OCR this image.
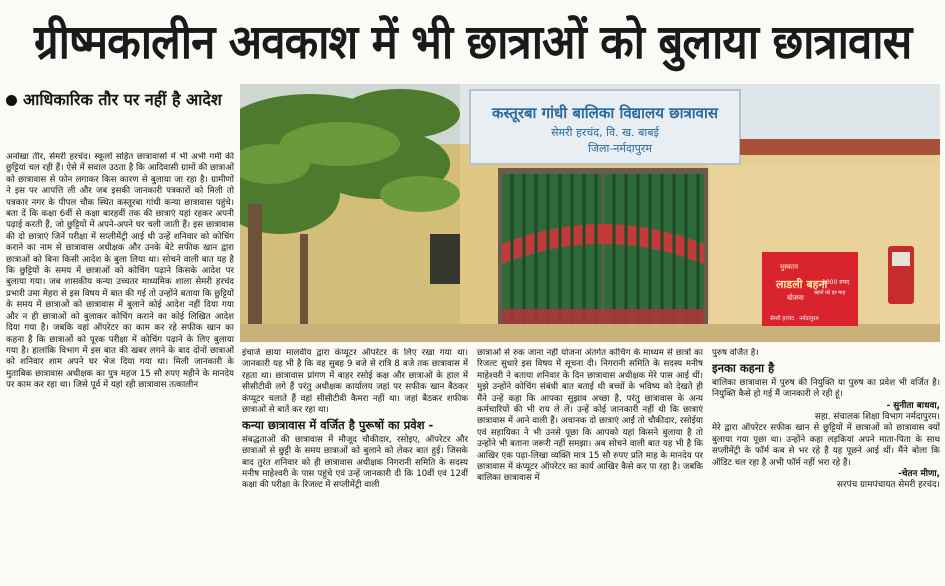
ग्रीष्मकालीन अवकाश में भी छात्राओं को बुलाया छात्रावास
आधिकारिक तौर पर नहीं है आदेश
कस्तूरबा गांधी बालिका विद्यालय छात्रावास
सेमरी हरचंद, वि. ख. बाबई
जिला-नर्मदापुरम
मुस्कान
लाडली बहना
योजना
1000 रुपए
बहनों को हर माह
सेमरी हरचंद · नर्मदापुरम
अनोखा तीर, सेमरी हरचंद। स्कूलों सहित छात्रावासों में भी अभी गर्मी की छुट्टियां चल रही हैं। ऐसे में सवाल उठता है कि आदिवासी ग्रामों की छात्राओं को छात्रावास से फोन लगाकर किस कारण से बुलाया जा रहा है। ग्रामीणों ने इस पर आपत्ति ली और जब इसकी जानकारी पत्रकारों को मिली तो पत्रकार नगर के पीपल चौक स्थित कस्तूरबा गांधी कन्या छात्रावास पहुंचे। बता दें कि कक्षा 6वीं से कक्षा बारहवीं तक की छात्राएं यहां रहकर अपनी पढ़ाई करती हैं, जो छुट्टियों में अपने-अपने घर चली जाती हैं। इस छात्रावास की दो छात्राएं जिनें परीक्षा में सप्लीमेंट्री आई थी उन्हें शनिवार को कोचिंग कराने का नाम से छात्रावास अधीक्षक और उनके बेटे सफीक खान द्वारा छात्राओं को बिना किसी आदेश के बुला लिया था। सोचने वाली बात यह है कि छुट्टियों के समय में छात्राओं को कोचिंग पढ़ाने किसके आदेश पर बुलाया गया। जब शासकीय कन्या उच्चतर माध्यमिक शाला सेमरी हरचंद प्रभारी उमा मेहरा से इस विषय में बात की गई तो उन्होंने बताया कि छुट्टियों के समय में छात्राओं को छात्रावास में बुलाने कोई आदेश नहीं दिया गया और न ही छात्राओं को बुलाकर कोचिंग कराने का कोई लिखित आदेश दिया गया है। जबकि वहां ऑपरेटर का काम कर रहे सफीक खान का कहना है कि छात्राओं को पूरक परीक्षा में कोचिंग पढ़ाने के लिए बुलाया गया है। हालांकि विभाग में इस बात की खबर लगने के बाद दोनों छात्राओं को शनिवार शाम अपने घर भेज दिया गया था। मिली जानकारी के मुताबिक छात्रावास अधीक्षक का पुत्र महज 15 सौ रुपए महीने के मानदेय पर काम कर रहा था। जिसे पूर्व में यहां रही छात्रावास तत्कालीन
इंचार्ज छाया मालवीय द्वारा कंप्यूटर ऑपरेटर के लिए रखा गया था। जानकारी यह भी है कि वह सुबह 9 बजे से रात्रि 8 बजे तक छात्रावास में रहता था। छात्रावास प्रांगण में बाहर रसोई कक्ष और छात्राओं के हाल में सीसीटीवी लगे हैं परंतु अधीक्षक कार्यालय जहां पर सफीक खान बैठकर कंप्यूटर चलाते हैं वहां सीसीटीवी कैमरा नहीं था। जहां बैठकर शफीक छात्राओं से बातें कर रहा था।
कन्या छात्रावास में वर्जित है पुरूषों का प्रवेश -
संबद्धताओं की छात्रावास में मौजूद चौकीदार, रसोइए, ऑपरेटर और छात्राओं से छुट्टी के समय छात्राओं को बुलाने को लेकर बात हुई। जिसके बाद तुरंत शनिवार को ही छात्रावास अधीक्षक निगरानी समिति के सदस्य मनीष माहेश्वरी के पास पहुंचे एवं उन्हें जानकारी दी कि 10वीं एवं 12वीं कक्षा की परीक्षा के रिजल्ट में सप्लीमेंट्री वाली
छात्राओं से रुक जाना नहीं योजना अंतर्गत कोचिंग के माध्यम से छात्रों का रिजल्ट सुधारे इस विषय में सूचना दी। निगरानी समिति के सदस्य मनीष माहेश्वरी ने बताया शनिवार के दिन छात्रावास अधीक्षक मेरे पास आई थीं। मुझे उन्होंने कोचिंग संबंधी बात बताई थी बच्चों के भविष्य को देखते ही मैंने उन्हें कहा कि आपका सुझाव अच्छा है, परंतु छात्रावास के अन्य कर्मचारियों की भी राय ले लें। उन्हें कोई जानकारी नहीं थी कि छात्राएं छात्रावास में आने वाली हैं। अचानक दो छात्राएं आईं तो चौकीदार, रसोईया एवं सहायिका ने भी उनसे पूछा कि आपको यहां किसने बुलाया है तो उन्होंने भी बताना जरूरी नहीं समझा। अब सोचने वाली बात यह भी है कि आखिर एक पढ़ा-लिखा व्यक्ति मात्र 15 सौ रुपए प्रति माह के मानदेय पर छात्रावास में कंप्यूटर ऑपरेटर का कार्य आखिर कैसे कर पा रहा है। जबकि बालिका छात्रावास में
पुरुष वर्जित है।
इनका कहना है
बालिका छात्रावास में पुरुष की नियुक्ति या पुरुष का प्रवेश भी वर्जित है। नियुक्ति कैसे हो गई मैं जानकारी ले रही हूं।
- सुनीता बाधवा,
सहा. संचालक शिक्षा विभाग नर्मदापुरम।
मेरे द्वारा ऑपरेटर सफीक खान से छुट्टियों में छात्राओं को छात्रावास क्यों बुलाया गया पूछा था। उन्होंने कहा लड़कियां अपने माता-पिता के साथ सप्लीमेंट्री के फॉर्म कब से भर रहे हैं यह पूछने आई थीं। मैंने बोला कि ऑडिट चल रहा है अभी फॉर्म नहीं भरा रहे हैं।
-चेतन मीणा,
सरपंच ग्रामपंचायत सेमरी हरचंद।
